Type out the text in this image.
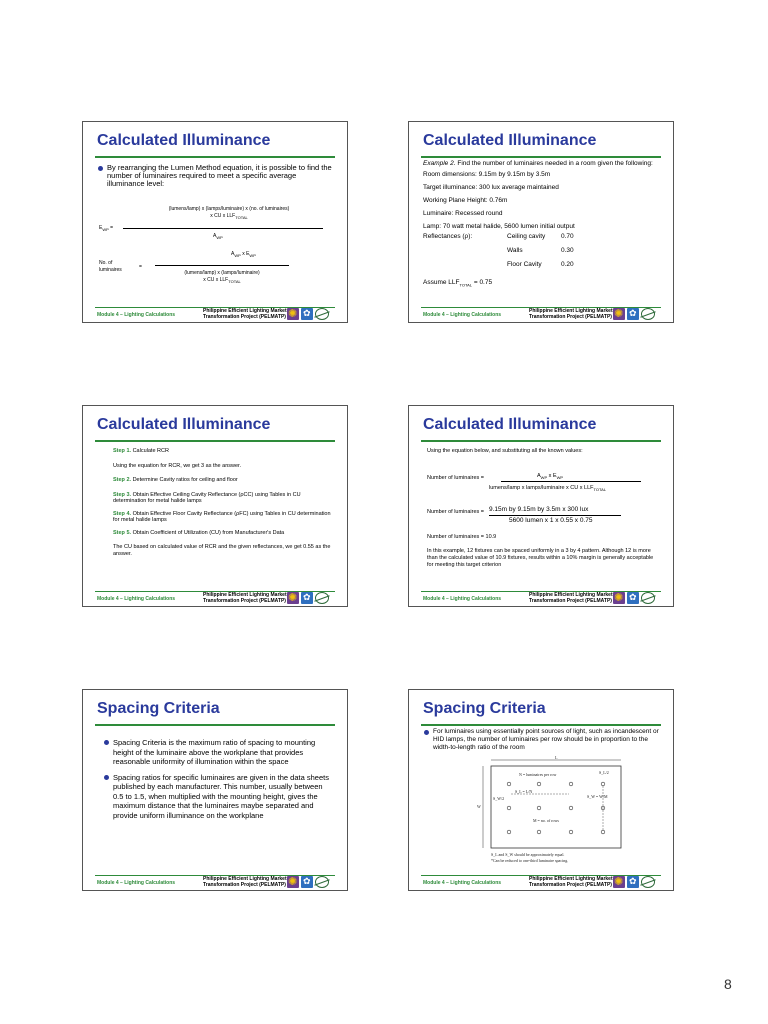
Calculated Illuminance
By rearranging the Lumen Method equation, it is possible to find the number of luminaires required to meet a specific average illuminance level:
(lumens/lamp) x (lamps/luminaire) x (no. of luminaires)
x CU x $LLF_{TOTAL}$
$E_{WP}$ =
$A_{WP}$
No. of luminaires	=
$A_{WP}$ x $E_{WP}$
(lumens/lamp) x (lamps/luminaire)
x CU x $LLF_{TOTAL}$
Module 4 – Lighting Calculations
Philippine Efficient Lighting Market
Transformation Project (PELMATP)
✺
✿
Calculated Illuminance
Example 2. Find the number of luminaires needed in a room given the following:
Room dimensions: 9.15m by 9.15m by 3.5m
Target illuminance: 300 lux average maintained
Working Plane Height: 0.76m
Luminaire: Recessed round
Lamp: 70 watt metal halide, 5600 lumen initial output
Reflectances (ρ):	Ceiling cavity 0.70
Walls	0.30
Floor Cavity	0.20
Assume $LLF_{TOTAL} = 0.75$
Module 4 – Lighting Calculations
Philippine Efficient Lighting Market
Transformation Project (PELMATP)
✺
✿
Calculated Illuminance
Step 1. Calculate RCR
Using the equation for RCR, we get 3 as the answer.
Step 2. Determine Cavity ratios for ceiling and floor
Step 3. Obtain Effective Ceiling Cavity Reflectance (ρCC) using Tables in CU determination for metal halide lamps
Step 4. Obtain Effective Floor Cavity Reflectance (ρFC) using Tables in CU determination for metal halide lamps
Step 5. Obtain Coefficient of Utilization (CU) from Manufacturer's Data
The CU based on calculated value of RCR and the given reflectances, we get 0.55 as the answer.
Module 4 – Lighting Calculations
Philippine Efficient Lighting Market
Transformation Project (PELMATP)
✺
✿
Calculated Illuminance
Using the equation below, and substituting all the known values:
Number of luminaires =	$A_{WP}$ x $E_{WP}$
lumens/lamp x lamps/luminaire x CU x $LLF_{TOTAL}$
Number of luminaires = 9.15m by 9.15m by 3.5m x 300 lux
5600 lumen x 1 x 0.55 x 0.75
Number of luminaires = 10.9
In this example, 12 fixtures can be spaced uniformly in a 3 by 4 pattern. Although 12 is more than the calculated value of 10.9 fixtures, results within a 10% margin is generally acceptable for meeting this target criterion
Module 4 – Lighting Calculations
Philippine Efficient Lighting Market
Transformation Project (PELMATP)
✺
✿
Spacing Criteria
Spacing Criteria is the maximum ratio of spacing to mounting height of the luminaire above the workplane that provides reasonable uniformity of illumination within the space
Spacing ratios for specific luminaires are given in the data sheets published by each manufacturer. This number, usually between 0.5 to 1.5, when multiplied with the mounting height, gives the maximum distance that the luminaires maybe separated and provide uniform illuminance on the workplane
Module 4 – Lighting Calculations
Philippine Efficient Lighting Market
Transformation Project (PELMATP)
✺
✿
Spacing Criteria
For luminaires using essentially point sources of light, such as incandescent or HID lamps, the number of luminaires per row should be in proportion to the width-to-length ratio of the room
L
W
N = luminaires per row	S_L/2
S_L = L/N
S_W = W/M
S_W/2
M = no. of rows
S_L and S_W should be approximately equal.
*Can be reduced to one-third luminaire spacing.
Module 4 – Lighting Calculations
Philippine Efficient Lighting Market
Transformation Project (PELMATP)
✺
✿
8
